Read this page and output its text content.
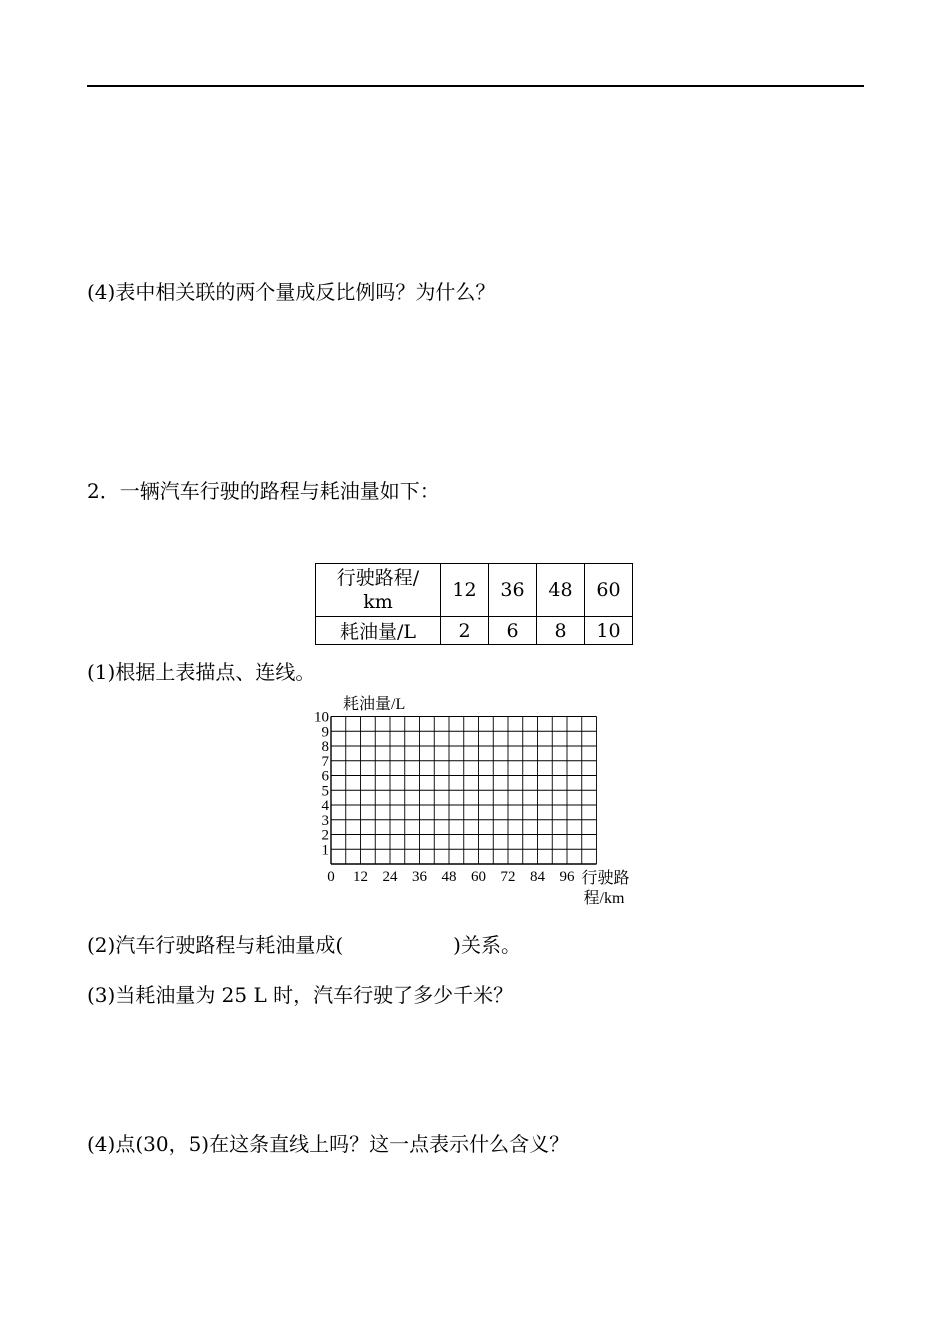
(4)表中相关联的两个量成反比例吗？为什么？
2．一辆汽车行驶的路程与耗油量如下：
行驶路程/
km	12	36	48	60
耗油量/L	2	6	8	10
(1)根据上表描点、连线。
1
2
3
4
5
6
7
8
9
10
0 12 24 36 48 60 72 84 96
耗油量/L
行驶路
程/km
(2)汽车行驶路程与耗油量成(	)关系。
(3)当耗油量为 25 L 时，汽车行驶了多少千米？
(4)点(30，5)在这条直线上吗？这一点表示什么含义？
